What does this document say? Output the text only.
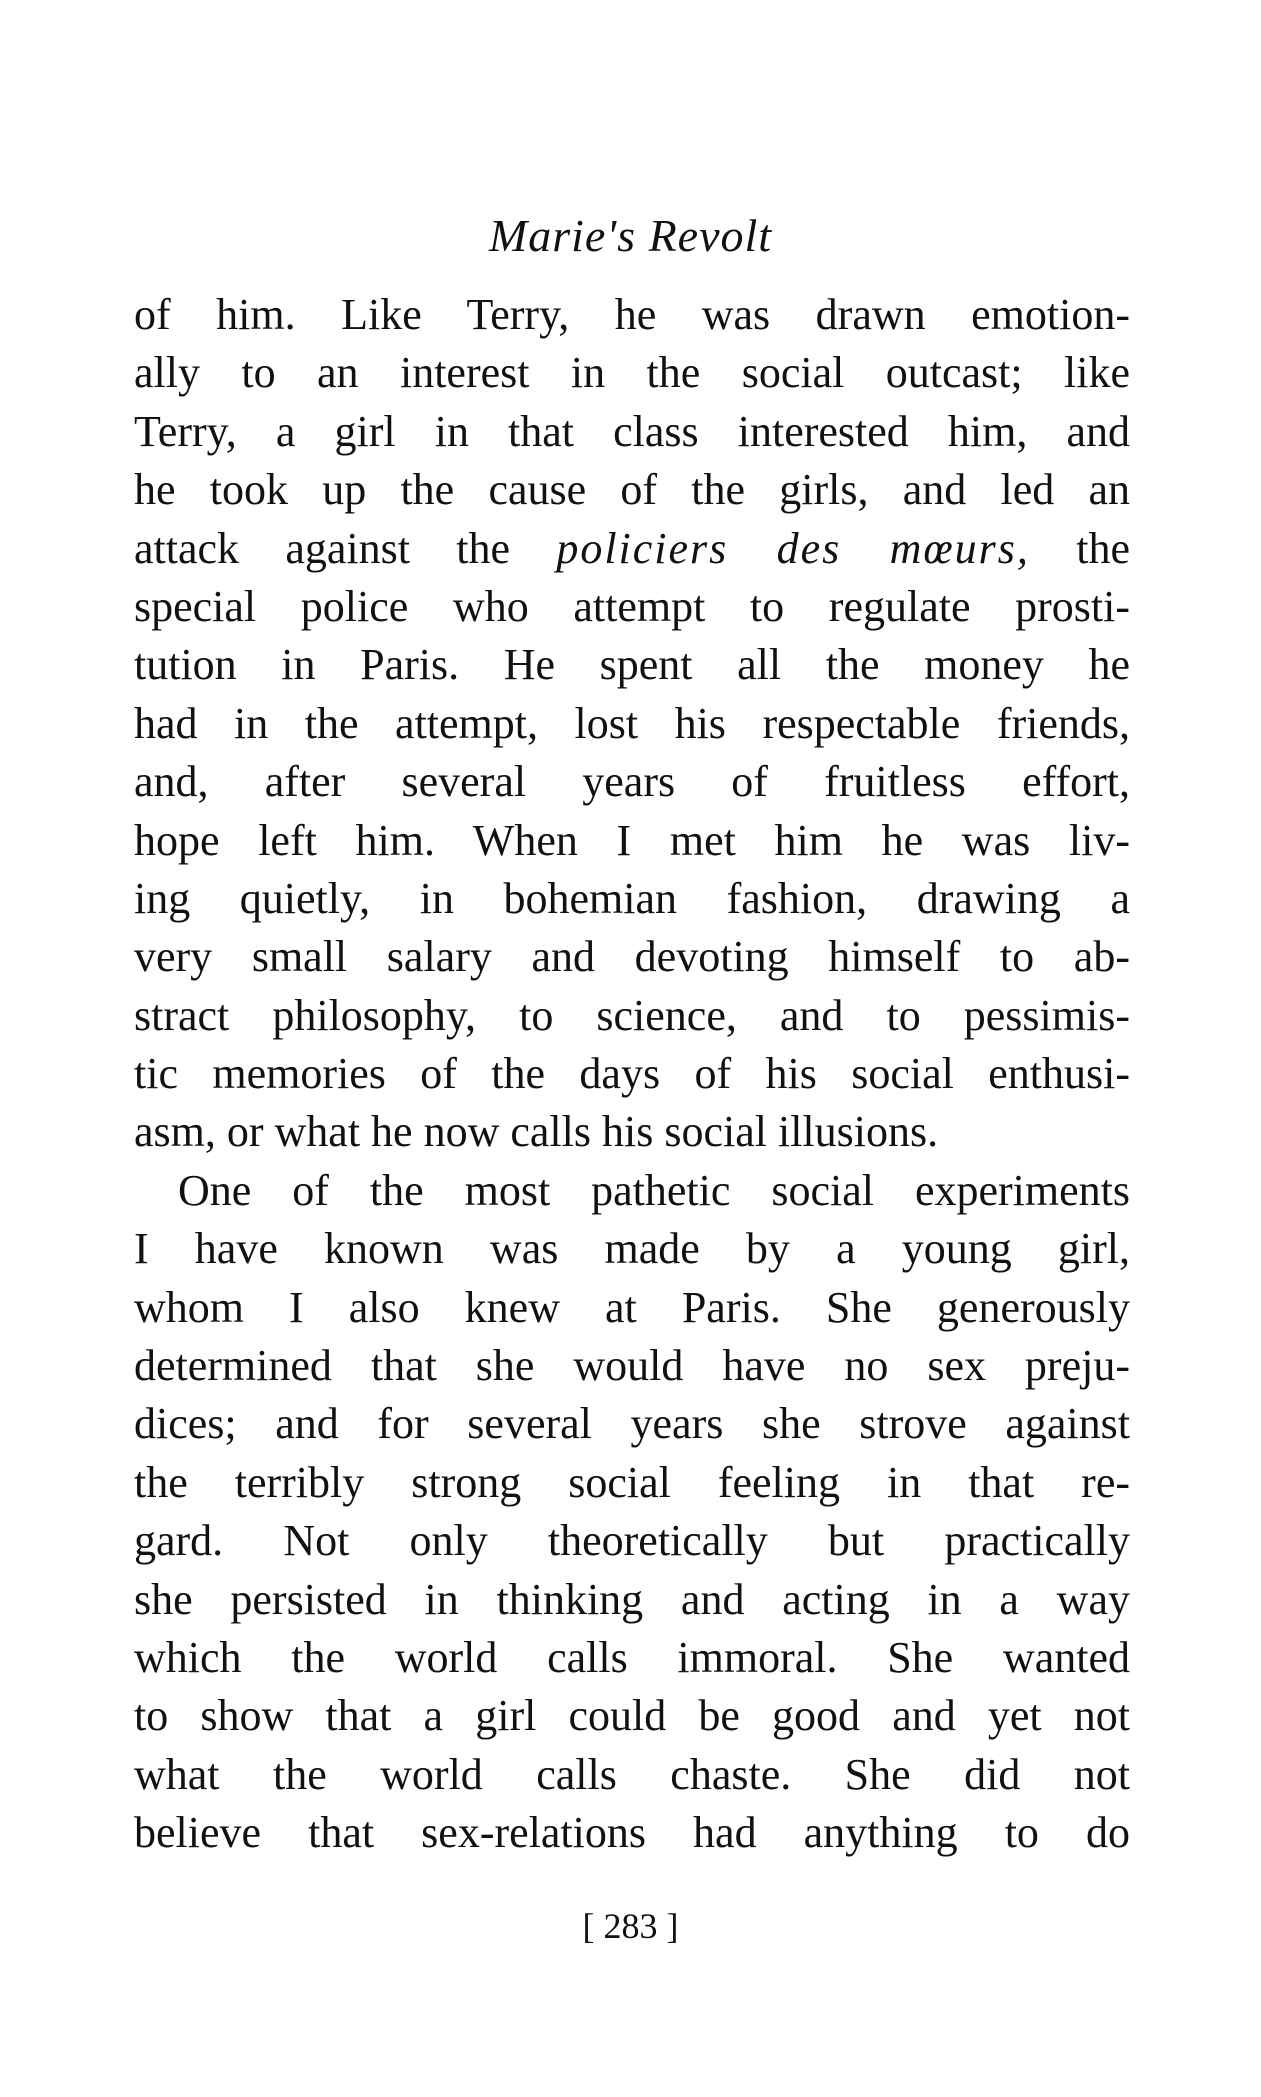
Marie's Revolt
of him. Like Terry, he was drawn emotion-
ally to an interest in the social outcast; like
Terry, a girl in that class interested him, and
he took up the cause of the girls, and led an
attack against the policiers des mœurs, the
special police who attempt to regulate prosti-
tution in Paris. He spent all the money he
had in the attempt, lost his respectable friends,
and, after several years of fruitless effort,
hope left him. When I met him he was liv-
ing quietly, in bohemian fashion, drawing a
very small salary and devoting himself to ab-
stract philosophy, to science, and to pessimis-
tic memories of the days of his social enthusi-
asm, or what he now calls his social illusions.
One of the most pathetic social experiments
I have known was made by a young girl,
whom I also knew at Paris. She generously
determined that she would have no sex preju-
dices; and for several years she strove against
the terribly strong social feeling in that re-
gard. Not only theoretically but practically
she persisted in thinking and acting in a way
which the world calls immoral. She wanted
to show that a girl could be good and yet not
what the world calls chaste. She did not
believe that sex-relations had anything to do
[ 283 ]
